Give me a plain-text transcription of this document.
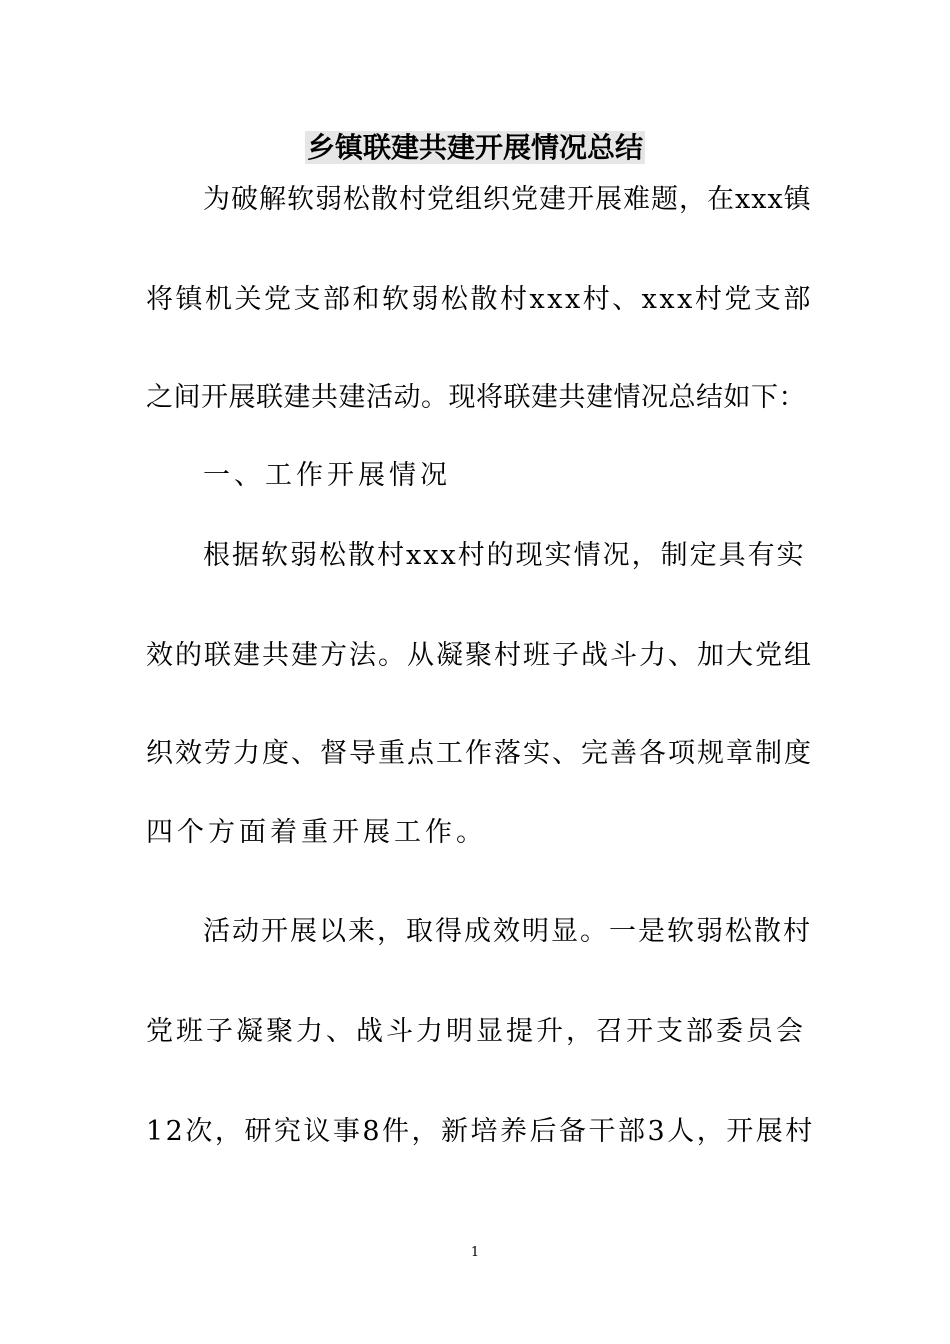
乡镇联建共建开展情况总结
为破解软弱松散村党组织党建开展难题，在xxx镇
将镇机关党支部和软弱松散村xxx村、xxx村党支部
之间开展联建共建活动。现将联建共建情况总结如下：
一、工作开展情况
根据软弱松散村xxx村的现实情况，制定具有实
效的联建共建方法。从凝聚村班子战斗力、加大党组
织效劳力度、督导重点工作落实、完善各项规章制度
四个方面着重开展工作。
活动开展以来，取得成效明显。一是软弱松散村
党班子凝聚力、战斗力明显提升，召开支部委员会
12次，研究议事8件，新培养后备干部3人，开展村
1
